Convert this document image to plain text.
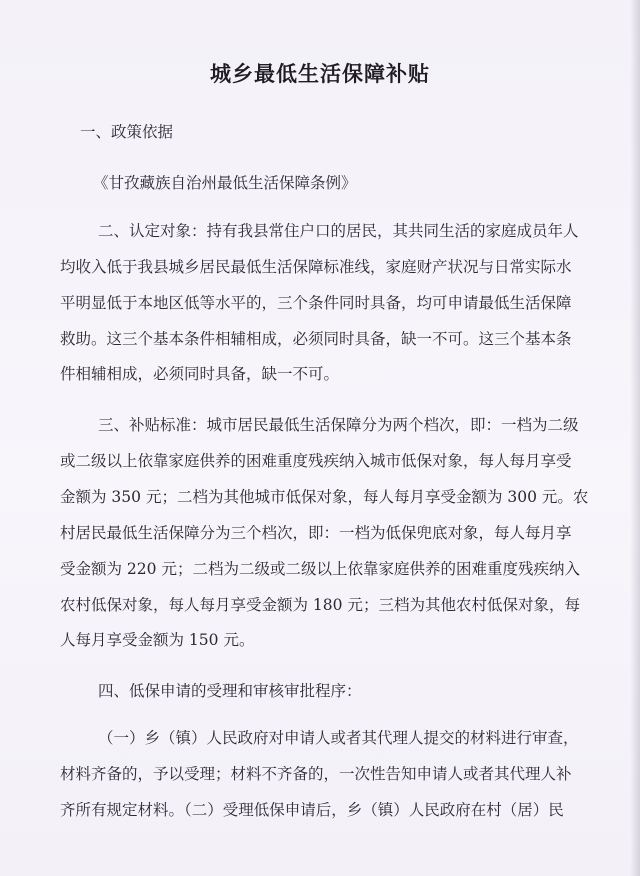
城乡最低生活保障补贴
一、政策依据
《甘孜藏族自治州最低生活保障条例》
二、认定对象：持有我县常住户口的居民，其共同生活的家庭成员年人
均收入低于我县城乡居民最低生活保障标准线，家庭财产状况与日常实际水
平明显低于本地区低等水平的，三个条件同时具备，均可申请最低生活保障
救助。这三个基本条件相辅相成，必须同时具备，缺一不可。这三个基本条
件相辅相成，必须同时具备，缺一不可。
三、补贴标准：城市居民最低生活保障分为两个档次，即：一档为二级
或二级以上依靠家庭供养的困难重度残疾纳入城市低保对象，每人每月享受
金额为 350 元；二档为其他城市低保对象，每人每月享受金额为 300 元。农
村居民最低生活保障分为三个档次，即：一档为低保兜底对象，每人每月享
受金额为 220 元；二档为二级或二级以上依靠家庭供养的困难重度残疾纳入
农村低保对象，每人每月享受金额为 180 元；三档为其他农村低保对象，每
人每月享受金额为 150 元。
四、低保申请的受理和审核审批程序：
（一）乡（镇）人民政府对申请人或者其代理人提交的材料进行审查，
材料齐备的，予以受理；材料不齐备的，一次性告知申请人或者其代理人补
齐所有规定材料。（二）受理低保申请后，乡（镇）人民政府在村（居）民
